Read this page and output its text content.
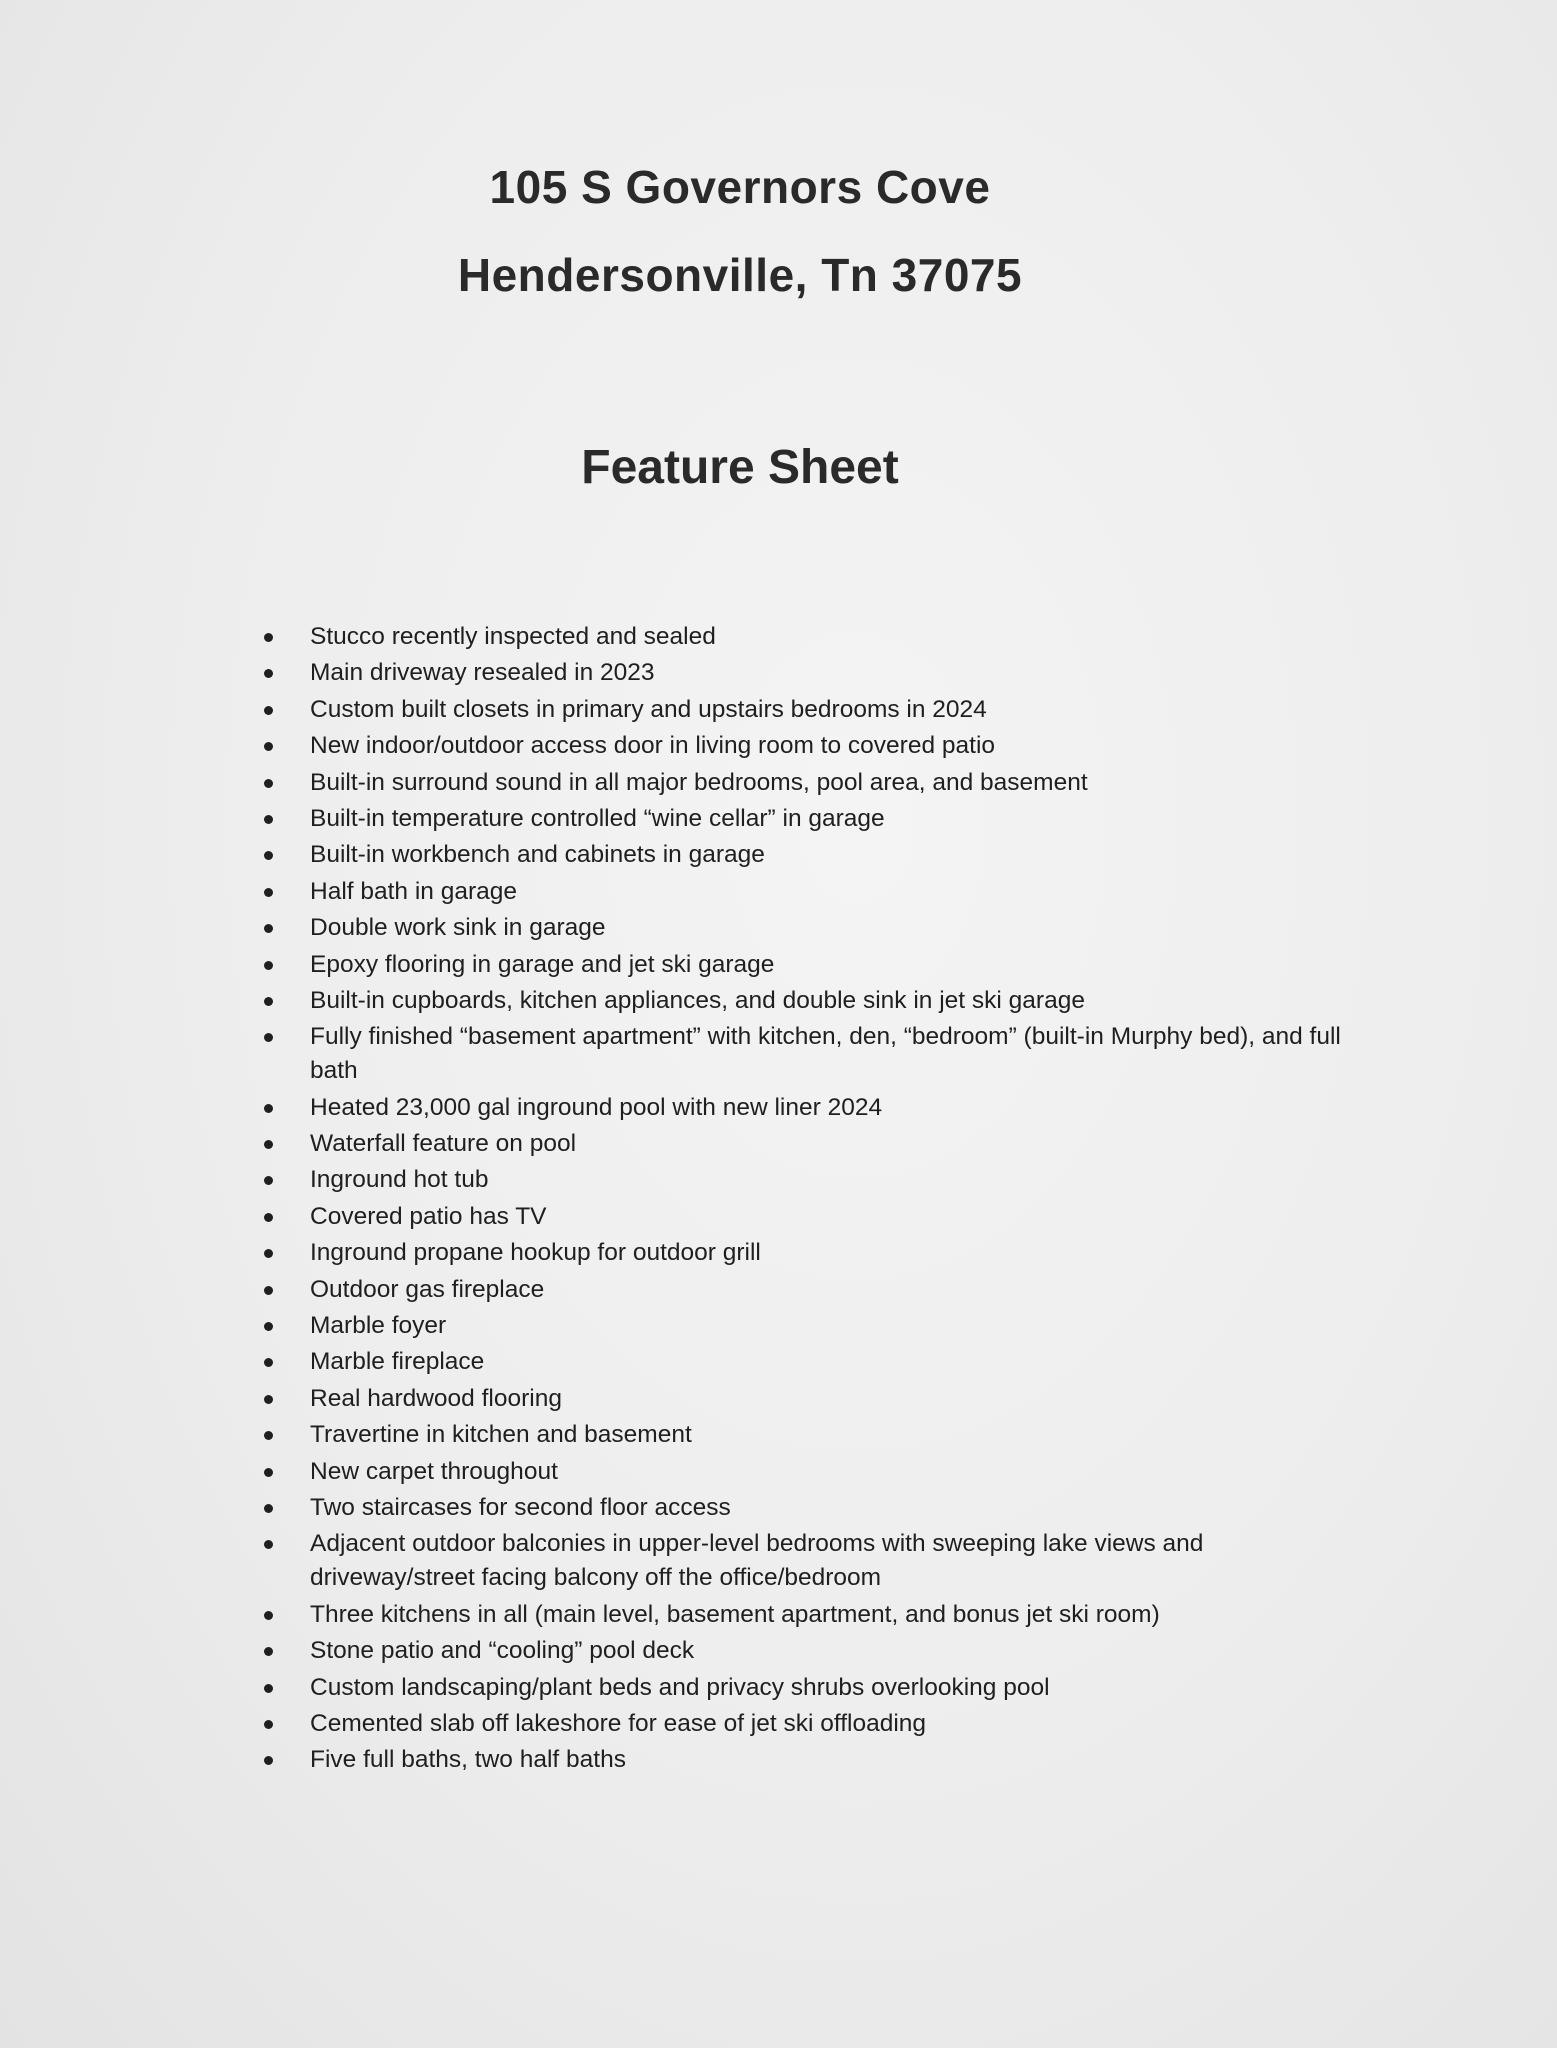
105 S Governors Cove
Hendersonville, Tn 37075
Feature Sheet
Stucco recently inspected and sealed
Main driveway resealed in 2023
Custom built closets in primary and upstairs bedrooms in 2024
New indoor/outdoor access door in living room to covered patio
Built-in surround sound in all major bedrooms, pool area, and basement
Built-in temperature controlled “wine cellar” in garage
Built-in workbench and cabinets in garage
Half bath in garage
Double work sink in garage
Epoxy flooring in garage and jet ski garage
Built-in cupboards, kitchen appliances, and double sink in jet ski garage
Fully finished “basement apartment” with kitchen, den, “bedroom” (built-in Murphy bed), and full bath
Heated 23,000 gal inground pool with new liner 2024
Waterfall feature on pool
Inground hot tub
Covered patio has TV
Inground propane hookup for outdoor grill
Outdoor gas fireplace
Marble foyer
Marble fireplace
Real hardwood flooring
Travertine in kitchen and basement
New carpet throughout
Two staircases for second floor access
Adjacent outdoor balconies in upper-level bedrooms with sweeping lake views and driveway/street facing balcony off the office/bedroom
Three kitchens in all (main level, basement apartment, and bonus jet ski room)
Stone patio and “cooling” pool deck
Custom landscaping/plant beds and privacy shrubs overlooking pool
Cemented slab off lakeshore for ease of jet ski offloading
Five full baths, two half baths
